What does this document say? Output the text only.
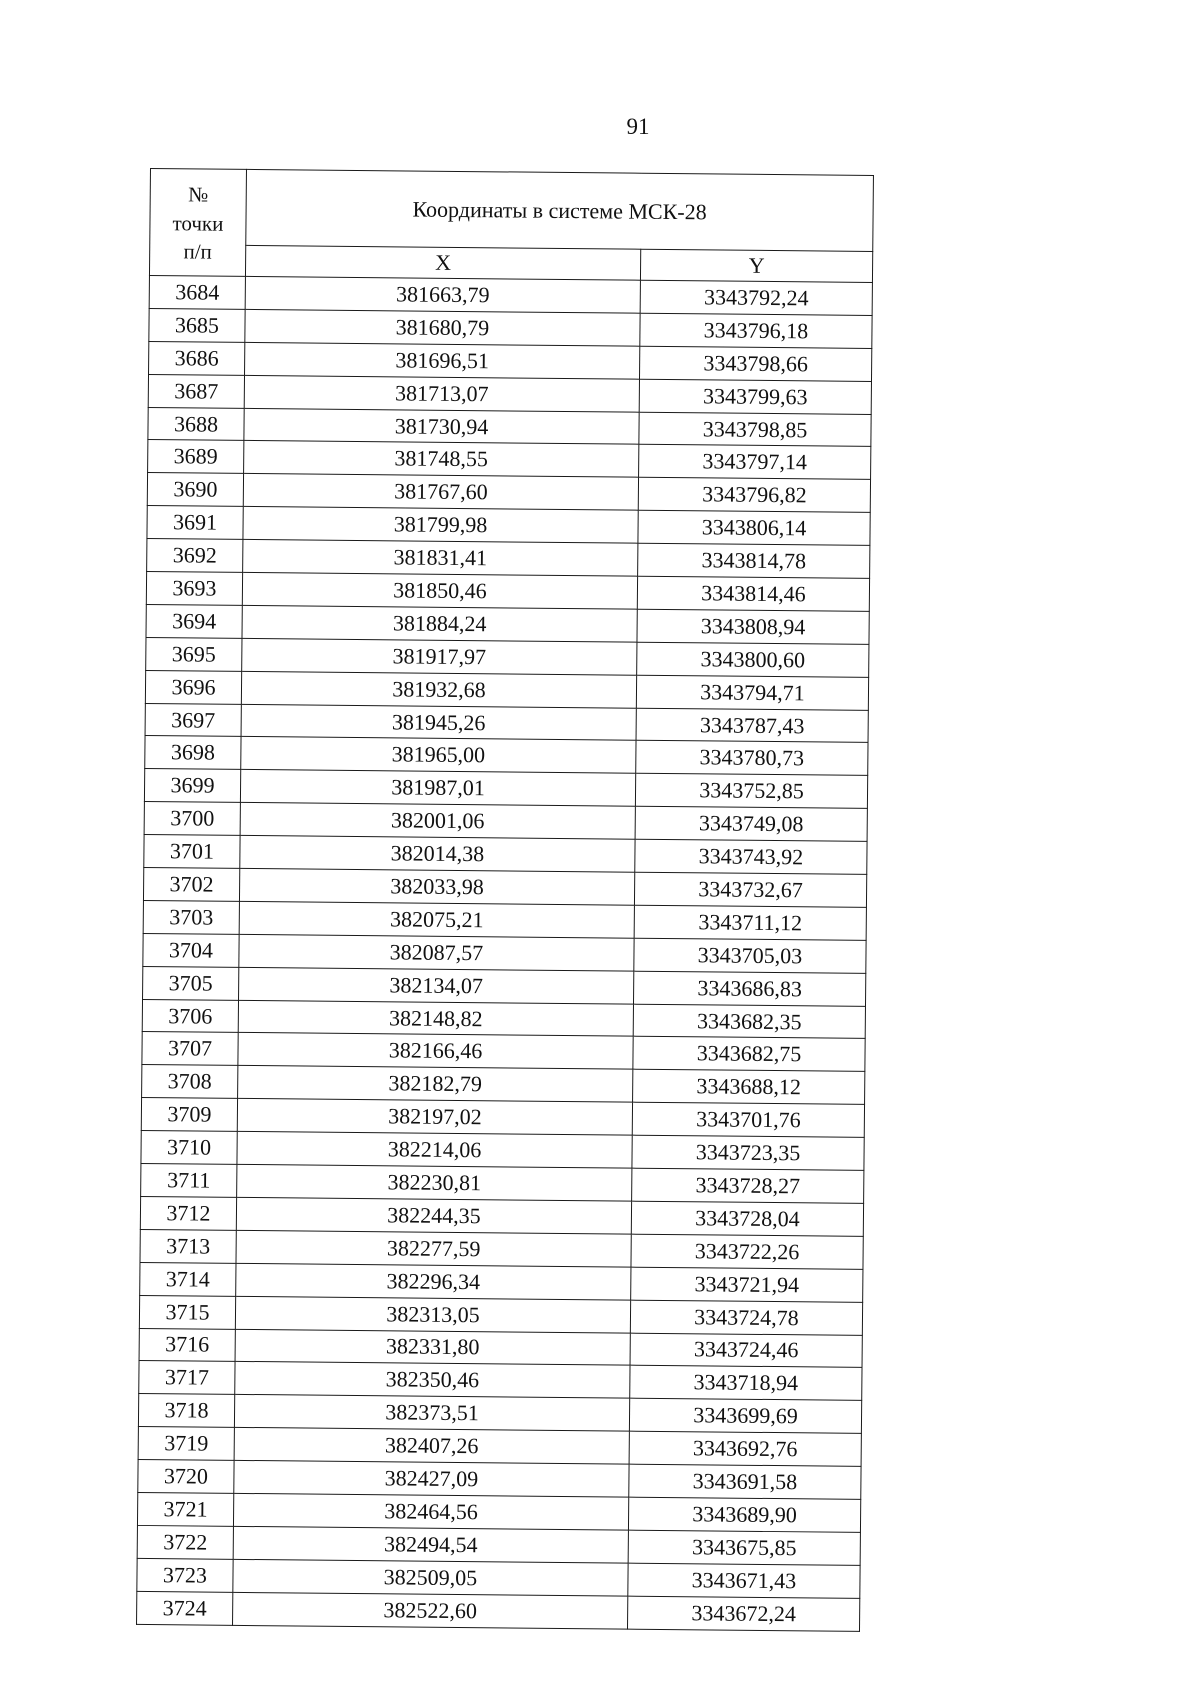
91
№
точки
п/п	Координаты в системе МСК-28	
	X	Y
3684	381663,79	3343792,24
3685	381680,79	3343796,18
3686	381696,51	3343798,66
3687	381713,07	3343799,63
3688	381730,94	3343798,85
3689	381748,55	3343797,14
3690	381767,60	3343796,82
3691	381799,98	3343806,14
3692	381831,41	3343814,78
3693	381850,46	3343814,46
3694	381884,24	3343808,94
3695	381917,97	3343800,60
3696	381932,68	3343794,71
3697	381945,26	3343787,43
3698	381965,00	3343780,73
3699	381987,01	3343752,85
3700	382001,06	3343749,08
3701	382014,38	3343743,92
3702	382033,98	3343732,67
3703	382075,21	3343711,12
3704	382087,57	3343705,03
3705	382134,07	3343686,83
3706	382148,82	3343682,35
3707	382166,46	3343682,75
3708	382182,79	3343688,12
3709	382197,02	3343701,76
3710	382214,06	3343723,35
3711	382230,81	3343728,27
3712	382244,35	3343728,04
3713	382277,59	3343722,26
3714	382296,34	3343721,94
3715	382313,05	3343724,78
3716	382331,80	3343724,46
3717	382350,46	3343718,94
3718	382373,51	3343699,69
3719	382407,26	3343692,76
3720	382427,09	3343691,58
3721	382464,56	3343689,90
3722	382494,54	3343675,85
3723	382509,05	3343671,43
3724	382522,60	3343672,24
